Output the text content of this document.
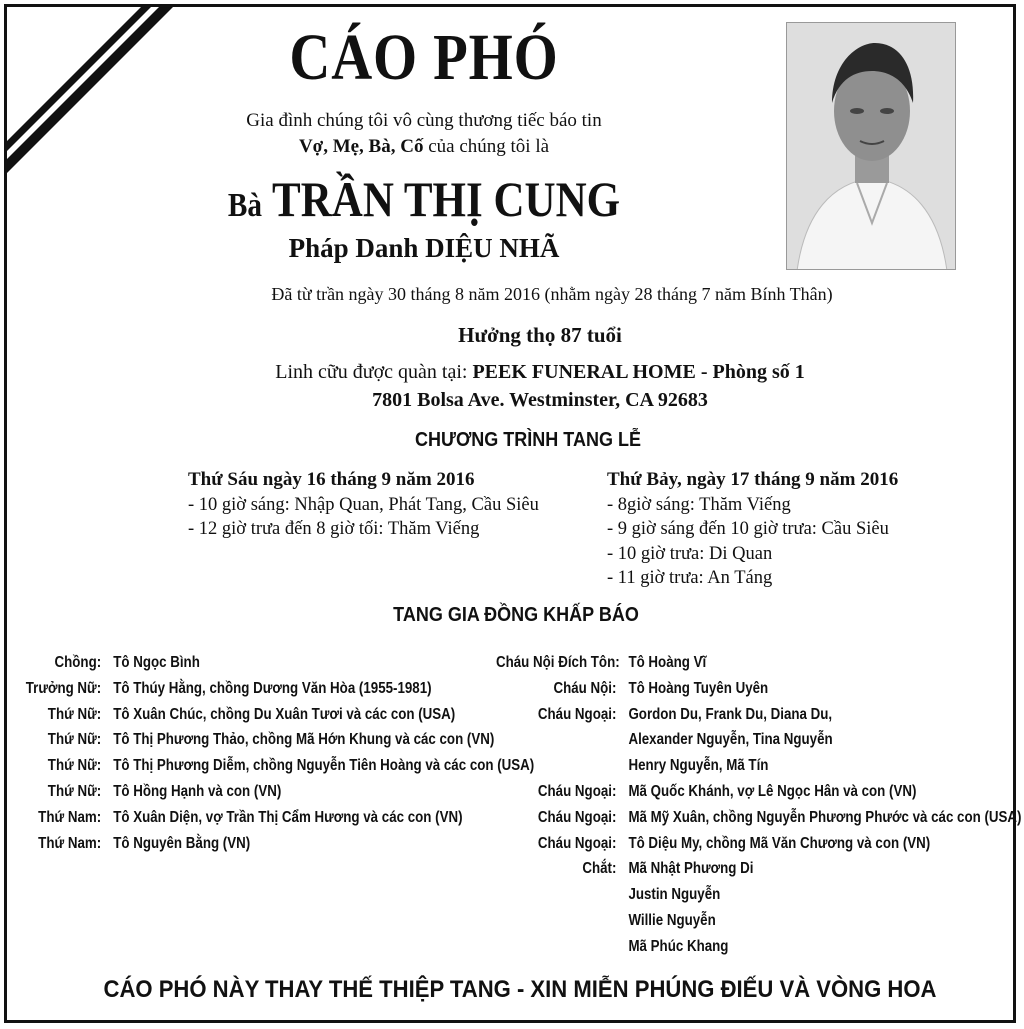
CÁO PHÓ
Gia đình chúng tôi vô cùng thương tiếc báo tin
Vợ, Mẹ, Bà, Cố của chúng tôi là
Bà TRẦN THỊ CUNG
Pháp Danh DIỆU NHÃ
Đã từ trần ngày 30 tháng 8 năm 2016 (nhằm ngày 28 tháng 7 năm Bính Thân)
Hưởng thọ 87 tuổi
Linh cữu được quàn tại: PEEK FUNERAL HOME - Phòng số 1
7801 Bolsa Ave. Westminster, CA 92683
CHƯƠNG TRÌNH TANG LỄ
Thứ Sáu ngày 16 tháng 9 năm 2016
- 10 giờ sáng: Nhập Quan, Phát Tang, Cầu Siêu
- 12 giờ trưa đến 8 giờ tối: Thăm Viếng
Thứ Bảy, ngày 17 tháng 9 năm 2016
- 8giờ sáng: Thăm Viếng
- 9 giờ sáng đến 10 giờ trưa: Cầu Siêu
- 10 giờ trưa: Di Quan
- 11 giờ trưa: An Táng
TANG GIA ĐỒNG KHẤP BÁO
Chồng: Tô Ngọc Bình
Trưởng Nữ: Tô Thúy Hằng, chồng Dương Văn Hòa (1955-1981)
Thứ Nữ: Tô Xuân Chúc, chồng Du Xuân Tươi và các con (USA)
Thứ Nữ: Tô Thị Phương Thảo, chồng Mã Hớn Khung và các con (VN)
Thứ Nữ: Tô Thị Phương Diễm, chồng Nguyễn Tiên Hoàng và các con (USA)
Thứ Nữ: Tô Hồng Hạnh và con (VN)
Thứ Nam: Tô Xuân Diện, vợ Trần Thị Cẩm Hương và các con (VN)
Thứ Nam: Tô Nguyên Bằng (VN)
Cháu Nội Đích Tôn: Tô Hoàng Vĩ
Cháu Nội: Tô Hoàng Tuyên Uyên
Cháu Ngoại: Gordon Du, Frank Du, Diana Du,
Alexander Nguyễn, Tina Nguyễn
Henry Nguyễn, Mã Tín
Cháu Ngoại: Mã Quốc Khánh, vợ Lê Ngọc Hân và con (VN)
Cháu Ngoại: Mã Mỹ Xuân, chồng Nguyễn Phương Phước và các con (USA)
Cháu Ngoại: Tô Diệu My, chồng Mã Văn Chương và con (VN)
Chắt: Mã Nhật Phương Di
Justin Nguyễn
Willie Nguyễn
Mã Phúc Khang
CÁO PHÓ NÀY THAY THẾ THIỆP TANG - XIN MIỄN PHÚNG ĐIẾU VÀ VÒNG HOA
